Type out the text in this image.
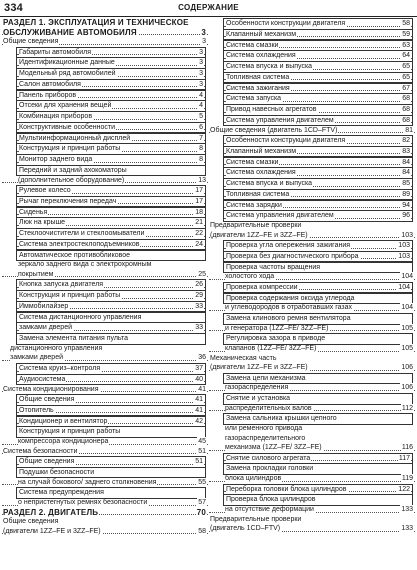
334	СОДЕРЖАНИЕ
РАЗДЕЛ 1. ЭКСПЛУАТАЦИЯ И ТЕХНИЧЕСКОЕ
ОБСЛУЖИВАНИЕ АВТОМОБИЛЯ	3
Общие сведения	3
Габариты автомобиля	3
Идентификационные данные	3
Модельный ряд автомобилей	3
Салон автомобиля	3
Панель приборов	4
Отсеки для хранения вещей	4
Комбинация приборов	5
Конструктивные особенности	6
Мультиинформационный дисплей	7
Конструкция и принцип работы	8
Монитор заднего вида	8
Передний и задний ахокоматоры
(дополнительное оборудование)	13
Рулевое колесо	17
Рычаг переключения передач	17
Сиденья	18
Люк на крыше	21
Стеклоочистители и стеклоомыватели	22
Система электростеклоподъемников	24
Автоматическое противобликовое
зеркало заднего вида с электрохромным
покрытием	25
Кнопка запуска двигателя	26
Конструкция и принцип работы	29
Иммобилайзер	33
Система дистанционного управления
замками дверей	33
Замена элемента питания пульта
дистанционного управления
замками дверей	36
Система круиз–контроля	37
Аудиосистема	40
Система кондиционирования	41
Общие сведения	41
Отопитель	41
Кондиционер и вентилятор	42
Конструкция и принцип работы
компрессора кондиционера	45
Система безопасности	51
Общие сведения	51
Подушки безопасности
на случай бокового/ заднего столкновения	55
Система предупреждения
о непристегнутых ремнях безопасности	57
РАЗДЕЛ 2. ДВИГАТЕЛЬ	70
Общие сведения
(двигатели 1ZZ–FE и 3ZZ–FE)	58
Особенности конструкции двигателя	58
Клапанный механизм	59
Система смазки	63
Система охлаждения	64
Система впуска и выпуска	65
Топливная система	65
Система зажигания	67
Система запуска	68
Привод навесных агрегатов	68
Система управления двигателем	68
Общие сведения (двигатель 1CD–FTV)	81
Особенности конструкции двигателя	82
Клапанный механизм	83
Система смазки	84
Система охлаждения	84
Система впуска и выпуска	85
Топливная система	89
Система зарядки	94
Система управления двигателем	96
Предварительные проверки
(двигатели 1ZZ–FE и 3ZZ–FE)	103
Проверка угла опережения зажигания	103
Проверка без диагностического прибора	103
Проверка частоты вращения
холостого хода	104
Проверка компрессии	104
Проверка содержания оксида углерода
и углеводородов в отработавших газах	104
Замена клинового ремня вентилятора
и генератора (1ZZ–FE/ 3ZZ–FE)	105
Регулировка зазора в приводе
клапанов (1ZZ–FE/ 3ZZ–FE)	105
Механическая часть
(двигатели 1ZZ–FE и 3ZZ–FE)	106
Замена цепи механизма
газораспределения	106
Снятие и установка
распределительных валов	112
Замена сальника крышки цепного
или ременного привода
газораспределительного
механизма (1ZZ–FE/ 3ZZ–FE)	116
Снятие силового агрегата	117
Замена прокладки головки
блока цилиндров	119
Переборка головки блока цилиндров	122
Проверка блока цилиндров
на отсутствие деформации	133
Предварительные проверки
(двигатель 1CD–FTV)	133
